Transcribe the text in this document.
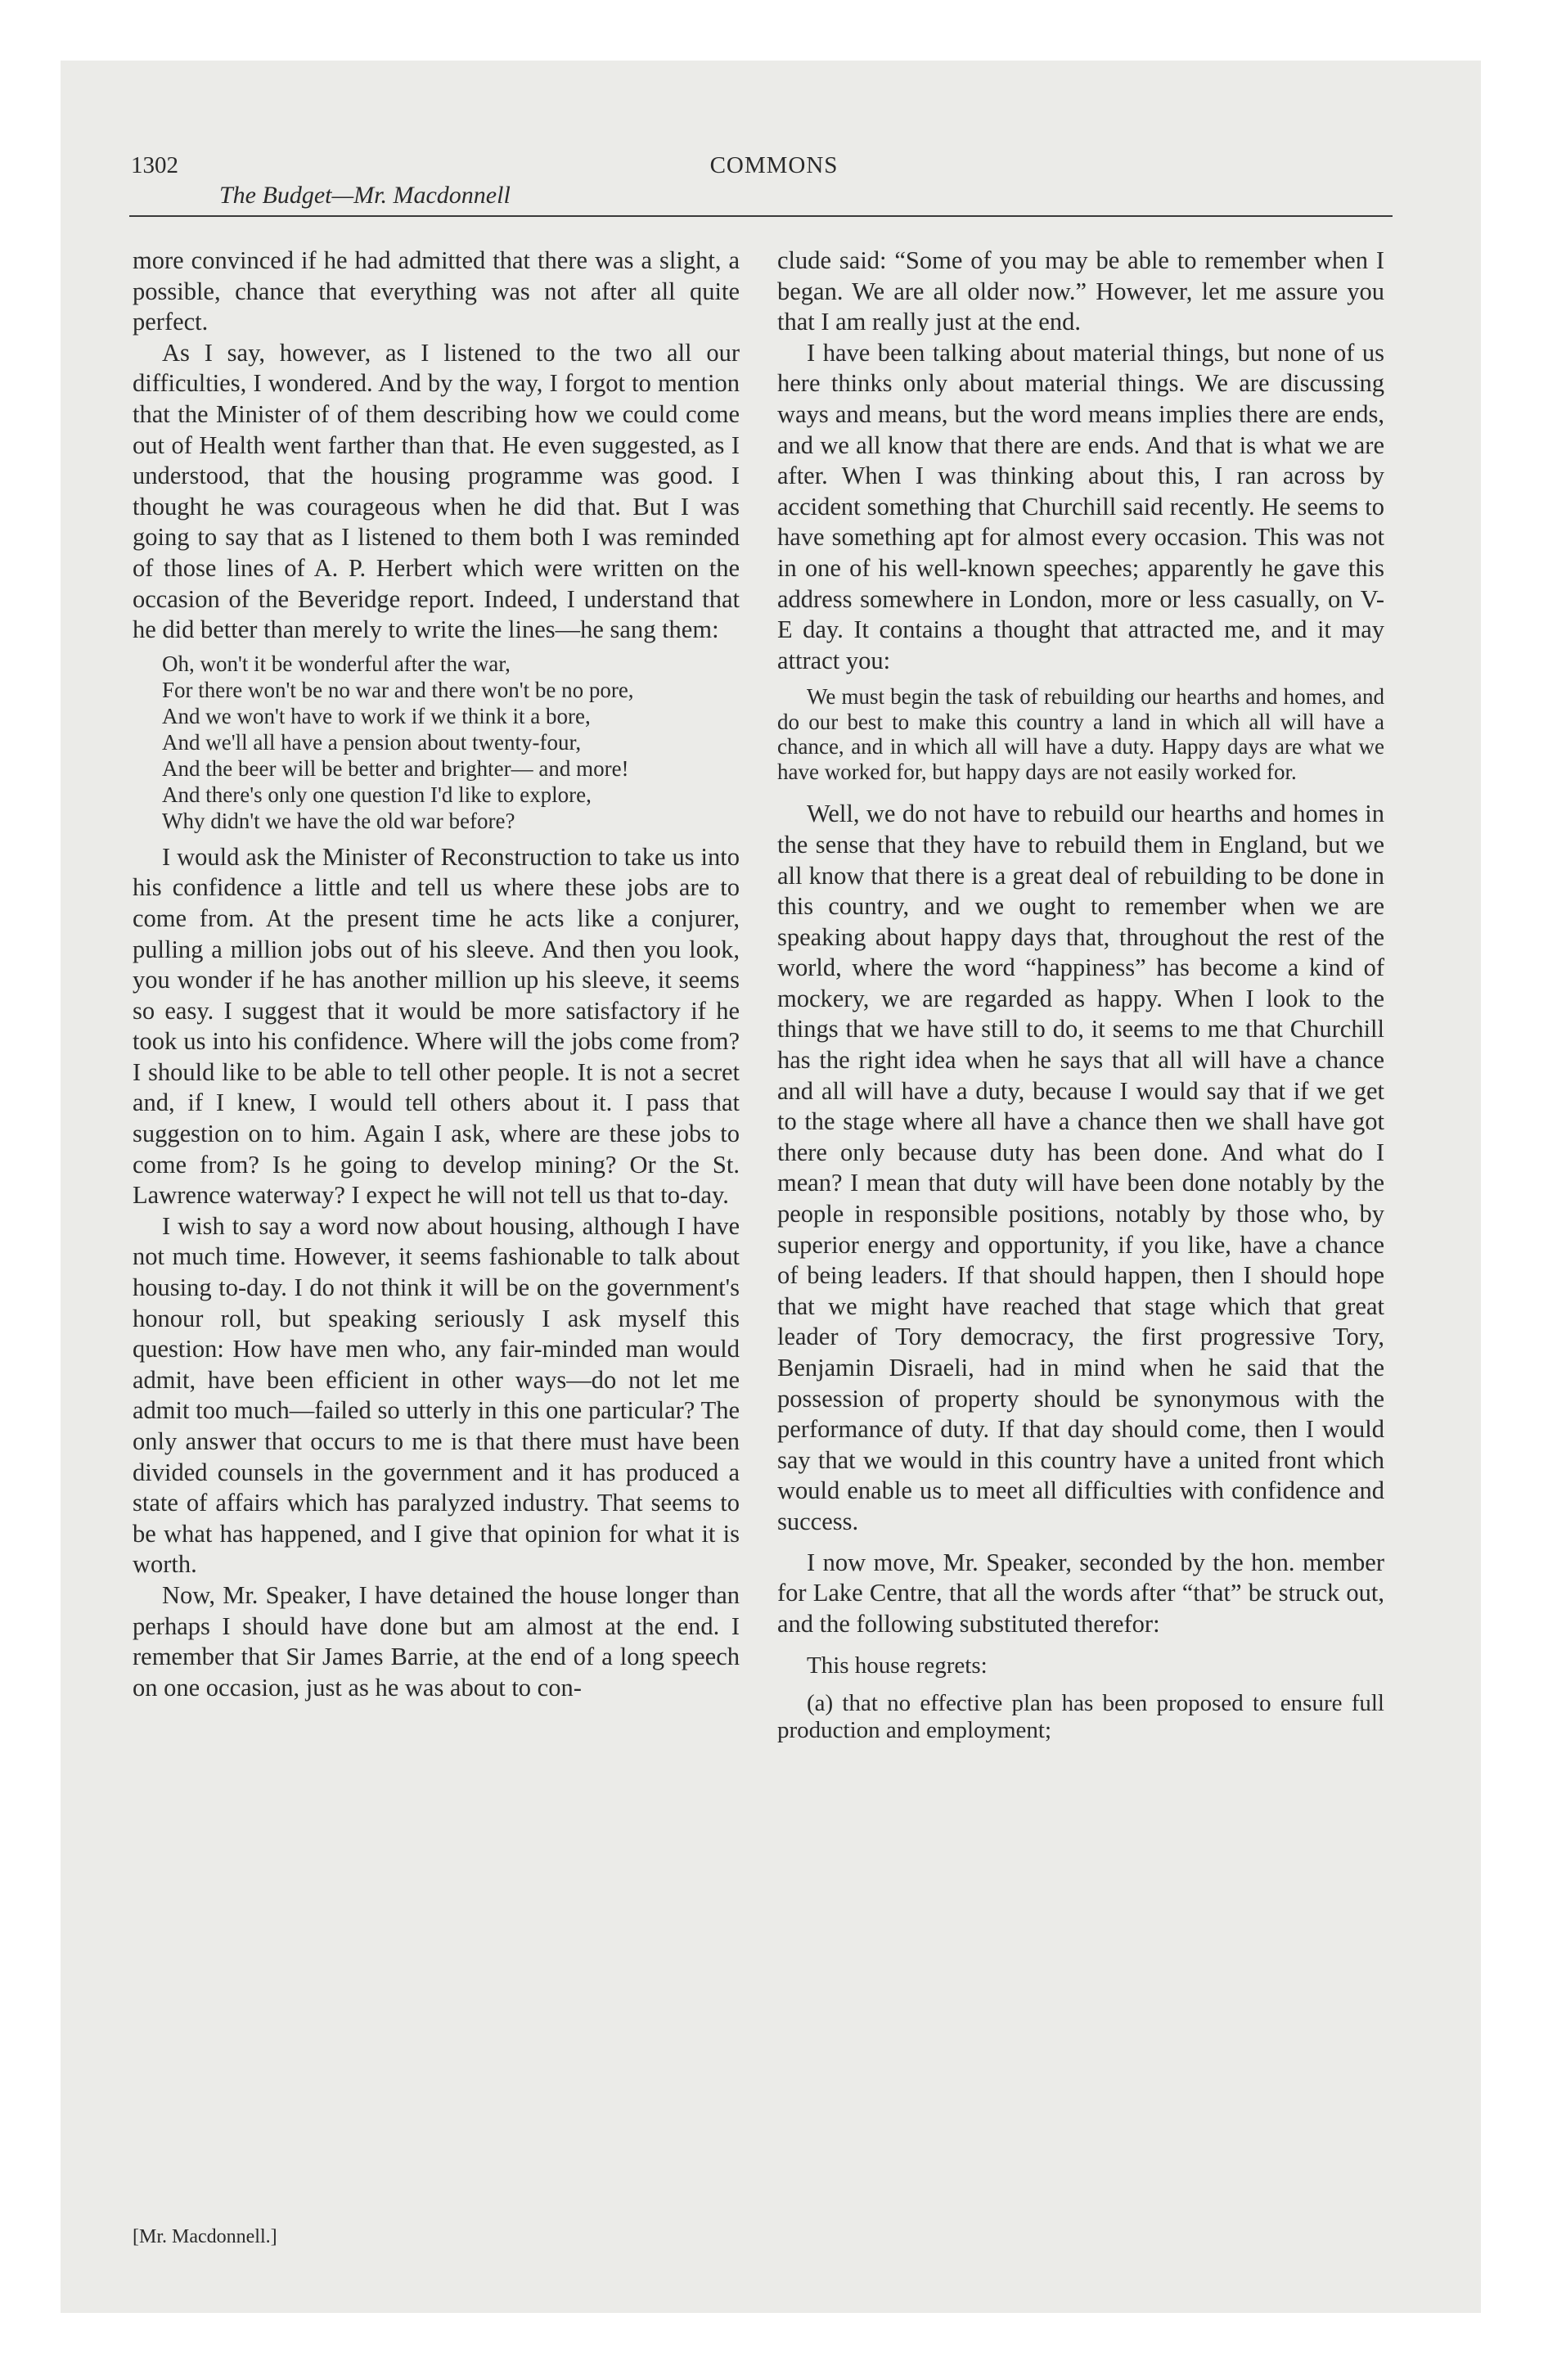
1302	COMMONS
The Budget—Mr. Macdonnell

more convinced if he had admitted that there was a slight, a possible, chance that everything was not after all quite perfect.

As I say, however, as I listened to the two all our difficulties, I wondered. And by the way, I forgot to mention that the Minister of of them describing how we could come out of Health went farther than that. He even suggested, as I understood, that the housing programme was good. I thought he was courageous when he did that. But I was going to say that as I listened to them both I was reminded of those lines of A. P. Herbert which were written on the occasion of the Beveridge report. Indeed, I understand that he did better than merely to write the lines—he sang them:

Oh, won't it be wonderful after the war,
For there won't be no war and there won't be no pore,
And we won't have to work if we think it a bore,
And we'll all have a pension about twenty-four,
And the beer will be better and brighter— and more!
And there's only one question I'd like to explore,
Why didn't we have the old war before?

I would ask the Minister of Reconstruction to take us into his confidence a little and tell us where these jobs are to come from. At the present time he acts like a conjurer, pulling a million jobs out of his sleeve. And then you look, you wonder if he has another million up his sleeve, it seems so easy. I suggest that it would be more satisfactory if he took us into his confidence. Where will the jobs come from? I should like to be able to tell other people. It is not a secret and, if I knew, I would tell others about it. I pass that suggestion on to him. Again I ask, where are these jobs to come from? Is he going to develop mining? Or the St. Lawrence waterway? I expect he will not tell us that to-day.

I wish to say a word now about housing, although I have not much time. However, it seems fashionable to talk about housing to-day. I do not think it will be on the government's honour roll, but speaking seriously I ask myself this question: How have men who, any fair-minded man would admit, have been efficient in other ways—do not let me admit too much—failed so utterly in this one particular? The only answer that occurs to me is that there must have been divided counsels in the government and it has produced a state of affairs which has paralyzed industry. That seems to be what has happened, and I give that opinion for what it is worth.

Now, Mr. Speaker, I have detained the house longer than perhaps I should have done but am almost at the end. I remember that Sir James Barrie, at the end of a long speech on one occasion, just as he was about to con-

clude said: “Some of you may be able to remember when I began. We are all older now.” However, let me assure you that I am really just at the end.

I have been talking about material things, but none of us here thinks only about material things. We are discussing ways and means, but the word means implies there are ends, and we all know that there are ends. And that is what we are after. When I was thinking about this, I ran across by accident something that Churchill said recently. He seems to have something apt for almost every occasion. This was not in one of his well-known speeches; apparently he gave this address somewhere in London, more or less casually, on V-E day. It contains a thought that attracted me, and it may attract you:

We must begin the task of rebuilding our hearths and homes, and do our best to make this country a land in which all will have a chance, and in which all will have a duty. Happy days are what we have worked for, but happy days are not easily worked for.

Well, we do not have to rebuild our hearths and homes in the sense that they have to rebuild them in England, but we all know that there is a great deal of rebuilding to be done in this country, and we ought to remember when we are speaking about happy days that, throughout the rest of the world, where the word “happiness” has become a kind of mockery, we are regarded as happy. When I look to the things that we have still to do, it seems to me that Churchill has the right idea when he says that all will have a chance and all will have a duty, because I would say that if we get to the stage where all have a chance then we shall have got there only because duty has been done. And what do I mean? I mean that duty will have been done notably by the people in responsible positions, notably by those who, by superior energy and opportunity, if you like, have a chance of being leaders. If that should happen, then I should hope that we might have reached that stage which that great leader of Tory democracy, the first progressive Tory, Benjamin Disraeli, had in mind when he said that the possession of property should be synonymous with the performance of duty. If that day should come, then I would say that we would in this country have a united front which would enable us to meet all difficulties with confidence and success.

I now move, Mr. Speaker, seconded by the hon. member for Lake Centre, that all the words after “that” be struck out, and the following substituted therefor:

This house regrets:
(a) that no effective plan has been proposed to ensure full production and employment;
[Mr. Macdonnell.]
